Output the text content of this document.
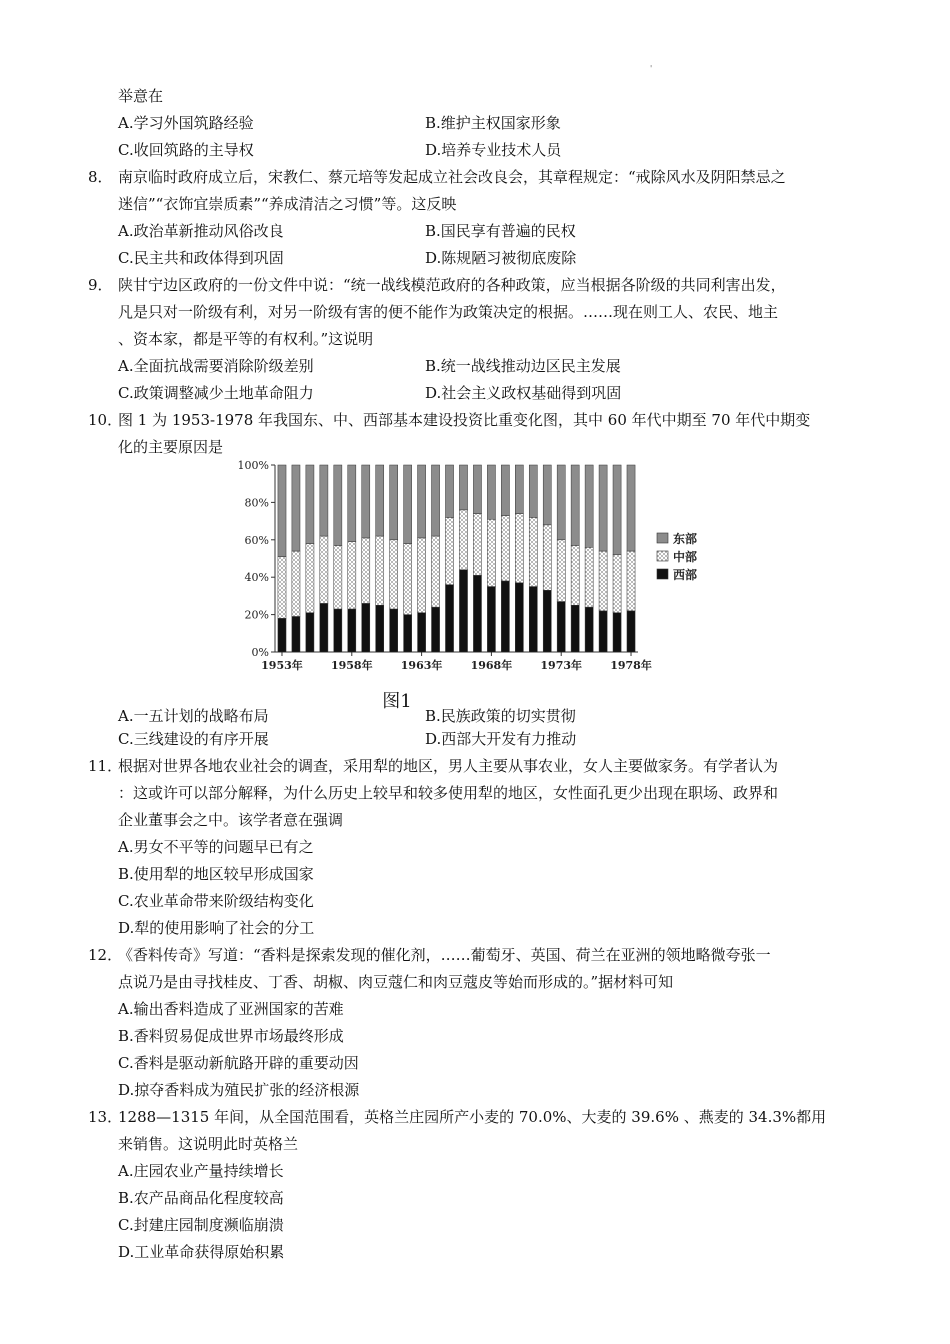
'
举意在
A.学习外国筑路经验	B.维护主权国家形象
C.收回筑路的主导权	D.培养专业技术人员
8． 南京临时政府成立后，宋教仁、蔡元培等发起成立社会改良会，其章程规定：“戒除风水及阴阳禁忌之
迷信”“衣饰宜崇质素”“养成清洁之习惯”等。这反映
A.政治革新推动风俗改良	B.国民享有普遍的民权
C.民主共和政体得到巩固	D.陈规陋习被彻底废除
9． 陕甘宁边区政府的一份文件中说：“统一战线模范政府的各种政策，应当根据各阶级的共同利害出发，
凡是只对一阶级有利，对另一阶级有害的便不能作为政策决定的根据。……现在则工人、农民、地主
、资本家，都是平等的有权利。”这说明
A.全面抗战需要消除阶级差别	B.统一战线推动边区民主发展
C.政策调整减少土地革命阻力	D.社会主义政权基础得到巩固
10．
图 1 为 1953-1978 年我国东、中、西部基本建设投资比重变化图，其中 60 年代中期至 70 年代中期变
化的主要原因是
0%
20%
40%
60%
80%
100%
1953年	1958年	1963年	1968年	1973年	1978年
东部
中部
西部
图1
A.一五计划的战略布局	B.民族政策的切实贯彻
C.三线建设的有序开展	D.西部大开发有力推动
11．
根据对世界各地农业社会的调查，采用犁的地区，男人主要从事农业，女人主要做家务。有学者认为
：这或许可以部分解释，为什么历史上较早和较多使用犁的地区，女性面孔更少出现在职场、政界和
企业董事会之中。该学者意在强调
A.男女不平等的问题早已有之
B.使用犁的地区较早形成国家
C.农业革命带来阶级结构变化
D.犁的使用影响了社会的分工
12．
《香料传奇》写道：“香料是探索发现的催化剂，……葡萄牙、英国、荷兰在亚洲的领地略微夸张一
点说乃是由寻找桂皮、丁香、胡椒、肉豆蔻仁和肉豆蔻皮等始而形成的。”据材料可知
A.输出香料造成了亚洲国家的苦难
B.香料贸易促成世界市场最终形成
C.香料是驱动新航路开辟的重要动因
D.掠夺香料成为殖民扩张的经济根源
13．
1288—1315 年间，从全国范围看，英格兰庄园所产小麦的 70.0%、大麦的 39.6% 、燕麦的 34.3%都用
来销售。这说明此时英格兰
A.庄园农业产量持续增长
B.农产品商品化程度较高
C.封建庄园制度濒临崩溃
D.工业革命获得原始积累
